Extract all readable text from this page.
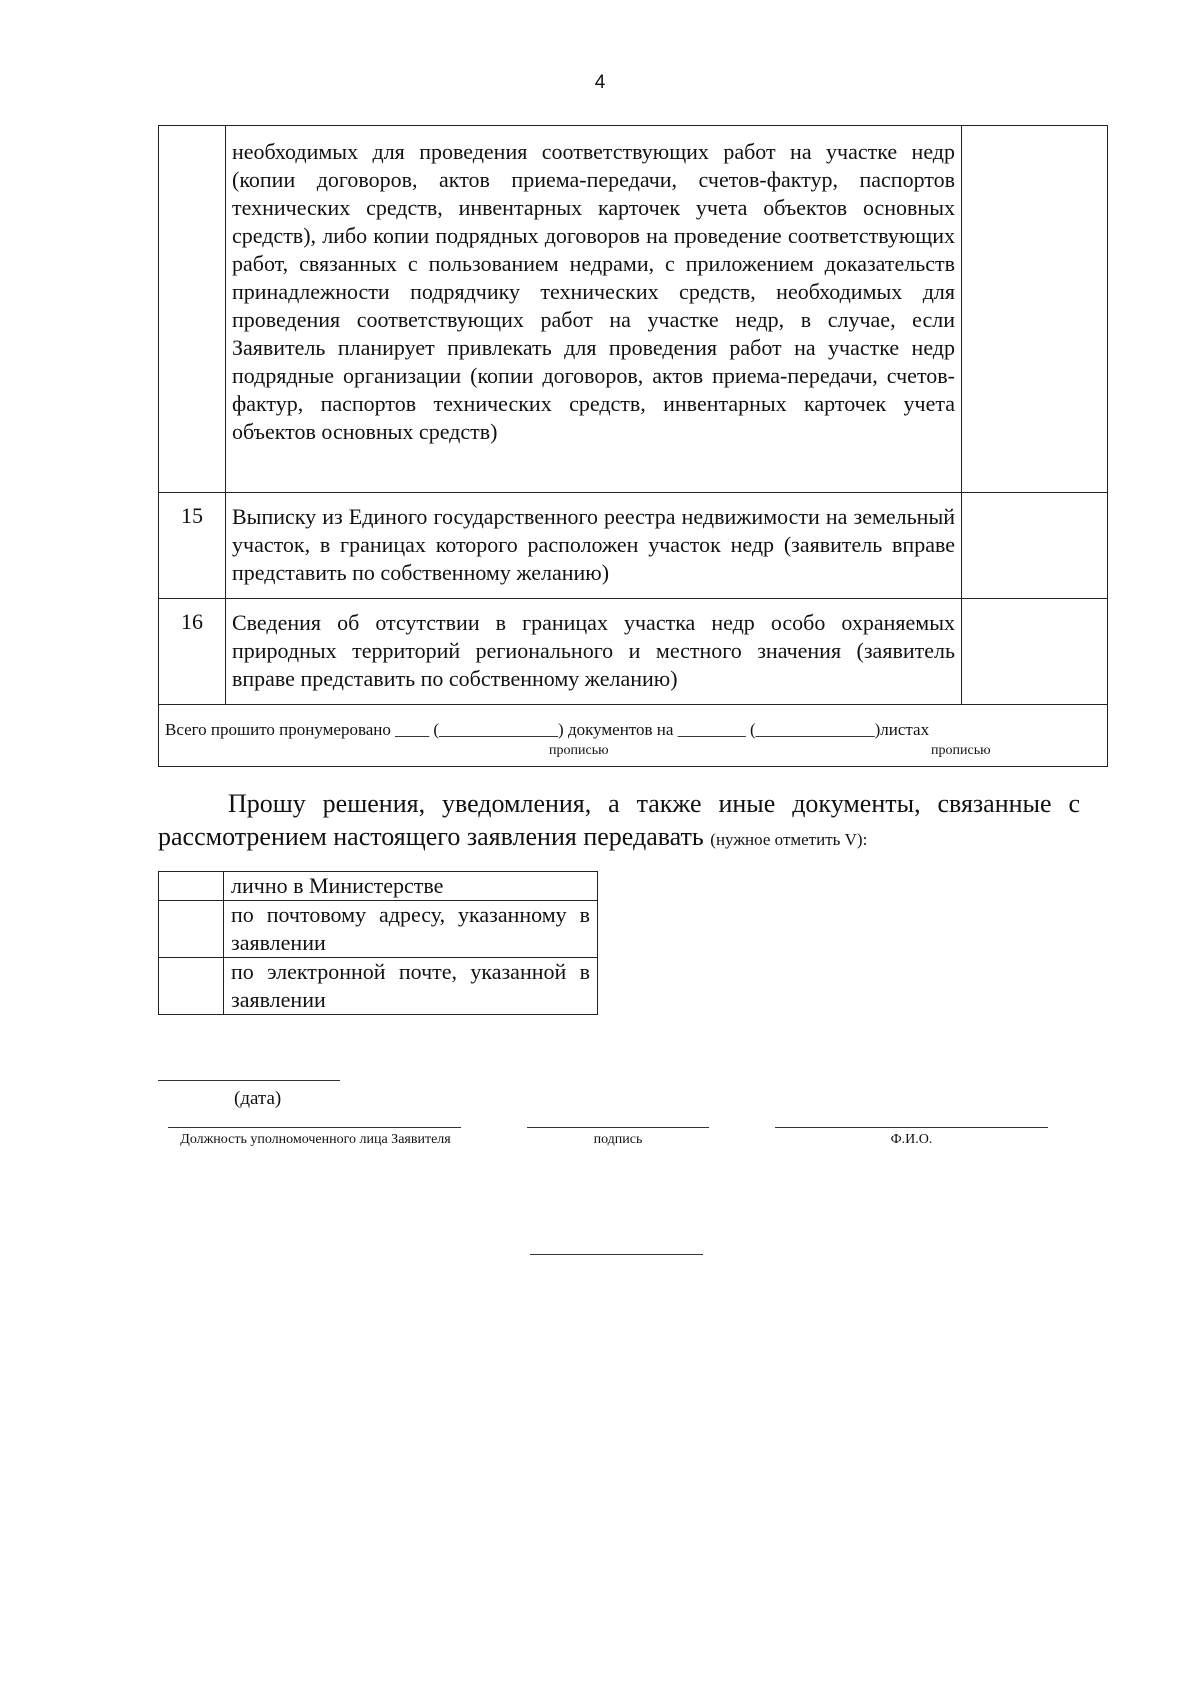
4
	необходимых для проведения соответствующих работ на участке недр (копии договоров, актов приема-передачи, счетов-фактур, паспортов технических средств, инвентарных карточек учета объектов основных средств), либо копии подрядных договоров на проведение соответствующих работ, связанных с пользованием недрами, с приложением доказательств принадлежности подрядчику технических средств, необходимых для проведения соответствующих работ на участке недр, в случае, если Заявитель планирует привлекать для проведения работ на участке недр подрядные организации (копии договоров, актов приема-передачи, счетов-фактур, паспортов технических средств, инвентарных карточек учета объектов основных средств)	
15	Выписку из Единого государственного реестра недвижимости на земельный участок, в границах которого расположен участок недр (заявитель вправе представить по собственному желанию)	
16	Сведения об отсутствии в границах участка недр особо охраняемых природных территорий регионального и местного значения (заявитель вправе представить по собственному желанию)	

Всего прошито пронумеровано ____ (______________) документов на ________ (______________)листах
прописью прописью		
Прошу решения, уведомления, а также иные документы, связанные с рассмотрением настоящего заявления передавать (нужное отметить V):
	лично в Министерстве
	по почтовому адресу, указанному в заявлении
	по электронной почте, указанной в заявлении
(дата)
Должность уполномоченного лица Заявителя	подпись	Ф.И.О.
